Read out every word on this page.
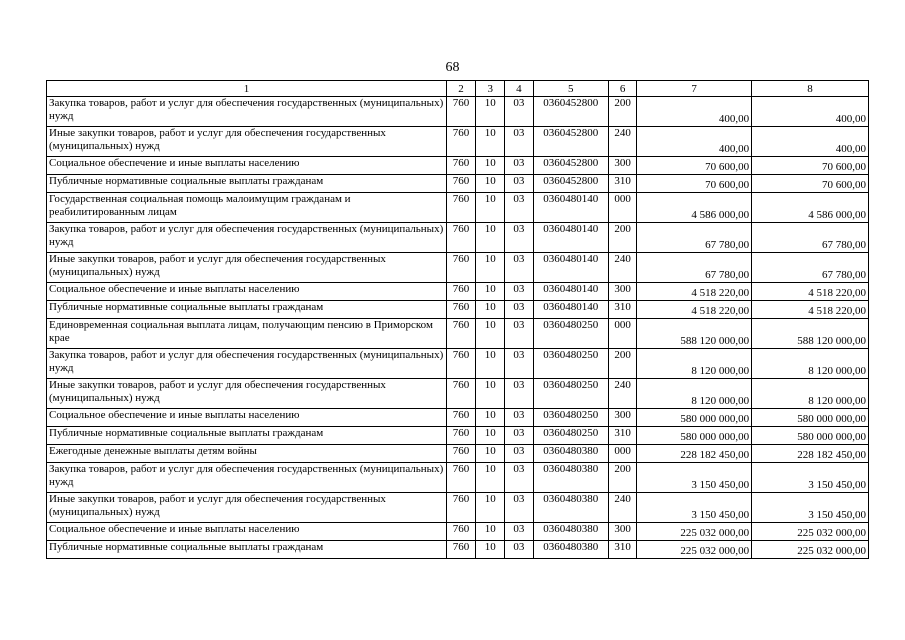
68
1	2	3	4	5	6	7	8
Закупка товаров, работ и услуг для обеспечения государственных (муниципальных) нужд	760	10	03	0360452800	200	400,00	400,00
Иные закупки товаров, работ и услуг для обеспечения государственных (муниципальных) нужд	760	10	03	0360452800	240	400,00	400,00
Социальное обеспечение и иные выплаты населению	760	10	03	0360452800	300	70 600,00	70 600,00
Публичные нормативные социальные выплаты гражданам	760	10	03	0360452800	310	70 600,00	70 600,00
Государственная социальная помощь малоимущим гражданам и реабилитированным лицам	760	10	03	0360480140	000	4 586 000,00	4 586 000,00
Закупка товаров, работ и услуг для обеспечения государственных (муниципальных) нужд	760	10	03	0360480140	200	67 780,00	67 780,00
Иные закупки товаров, работ и услуг для обеспечения государственных (муниципальных) нужд	760	10	03	0360480140	240	67 780,00	67 780,00
Социальное обеспечение и иные выплаты населению	760	10	03	0360480140	300	4 518 220,00	4 518 220,00
Публичные нормативные социальные выплаты гражданам	760	10	03	0360480140	310	4 518 220,00	4 518 220,00
Единовременная социальная выплата лицам, получающим пенсию в Приморском крае	760	10	03	0360480250	000	588 120 000,00	588 120 000,00
Закупка товаров, работ и услуг для обеспечения государственных (муниципальных) нужд	760	10	03	0360480250	200	8 120 000,00	8 120 000,00
Иные закупки товаров, работ и услуг для обеспечения государственных (муниципальных) нужд	760	10	03	0360480250	240	8 120 000,00	8 120 000,00
Социальное обеспечение и иные выплаты населению	760	10	03	0360480250	300	580 000 000,00	580 000 000,00
Публичные нормативные социальные выплаты гражданам	760	10	03	0360480250	310	580 000 000,00	580 000 000,00
Ежегодные денежные выплаты детям войны	760	10	03	0360480380	000	228 182 450,00	228 182 450,00
Закупка товаров, работ и услуг для обеспечения государственных (муниципальных) нужд	760	10	03	0360480380	200	3 150 450,00	3 150 450,00
Иные закупки товаров, работ и услуг для обеспечения государственных (муниципальных) нужд	760	10	03	0360480380	240	3 150 450,00	3 150 450,00
Социальное обеспечение и иные выплаты населению	760	10	03	0360480380	300	225 032 000,00	225 032 000,00
Публичные нормативные социальные выплаты гражданам	760	10	03	0360480380	310	225 032 000,00	225 032 000,00
